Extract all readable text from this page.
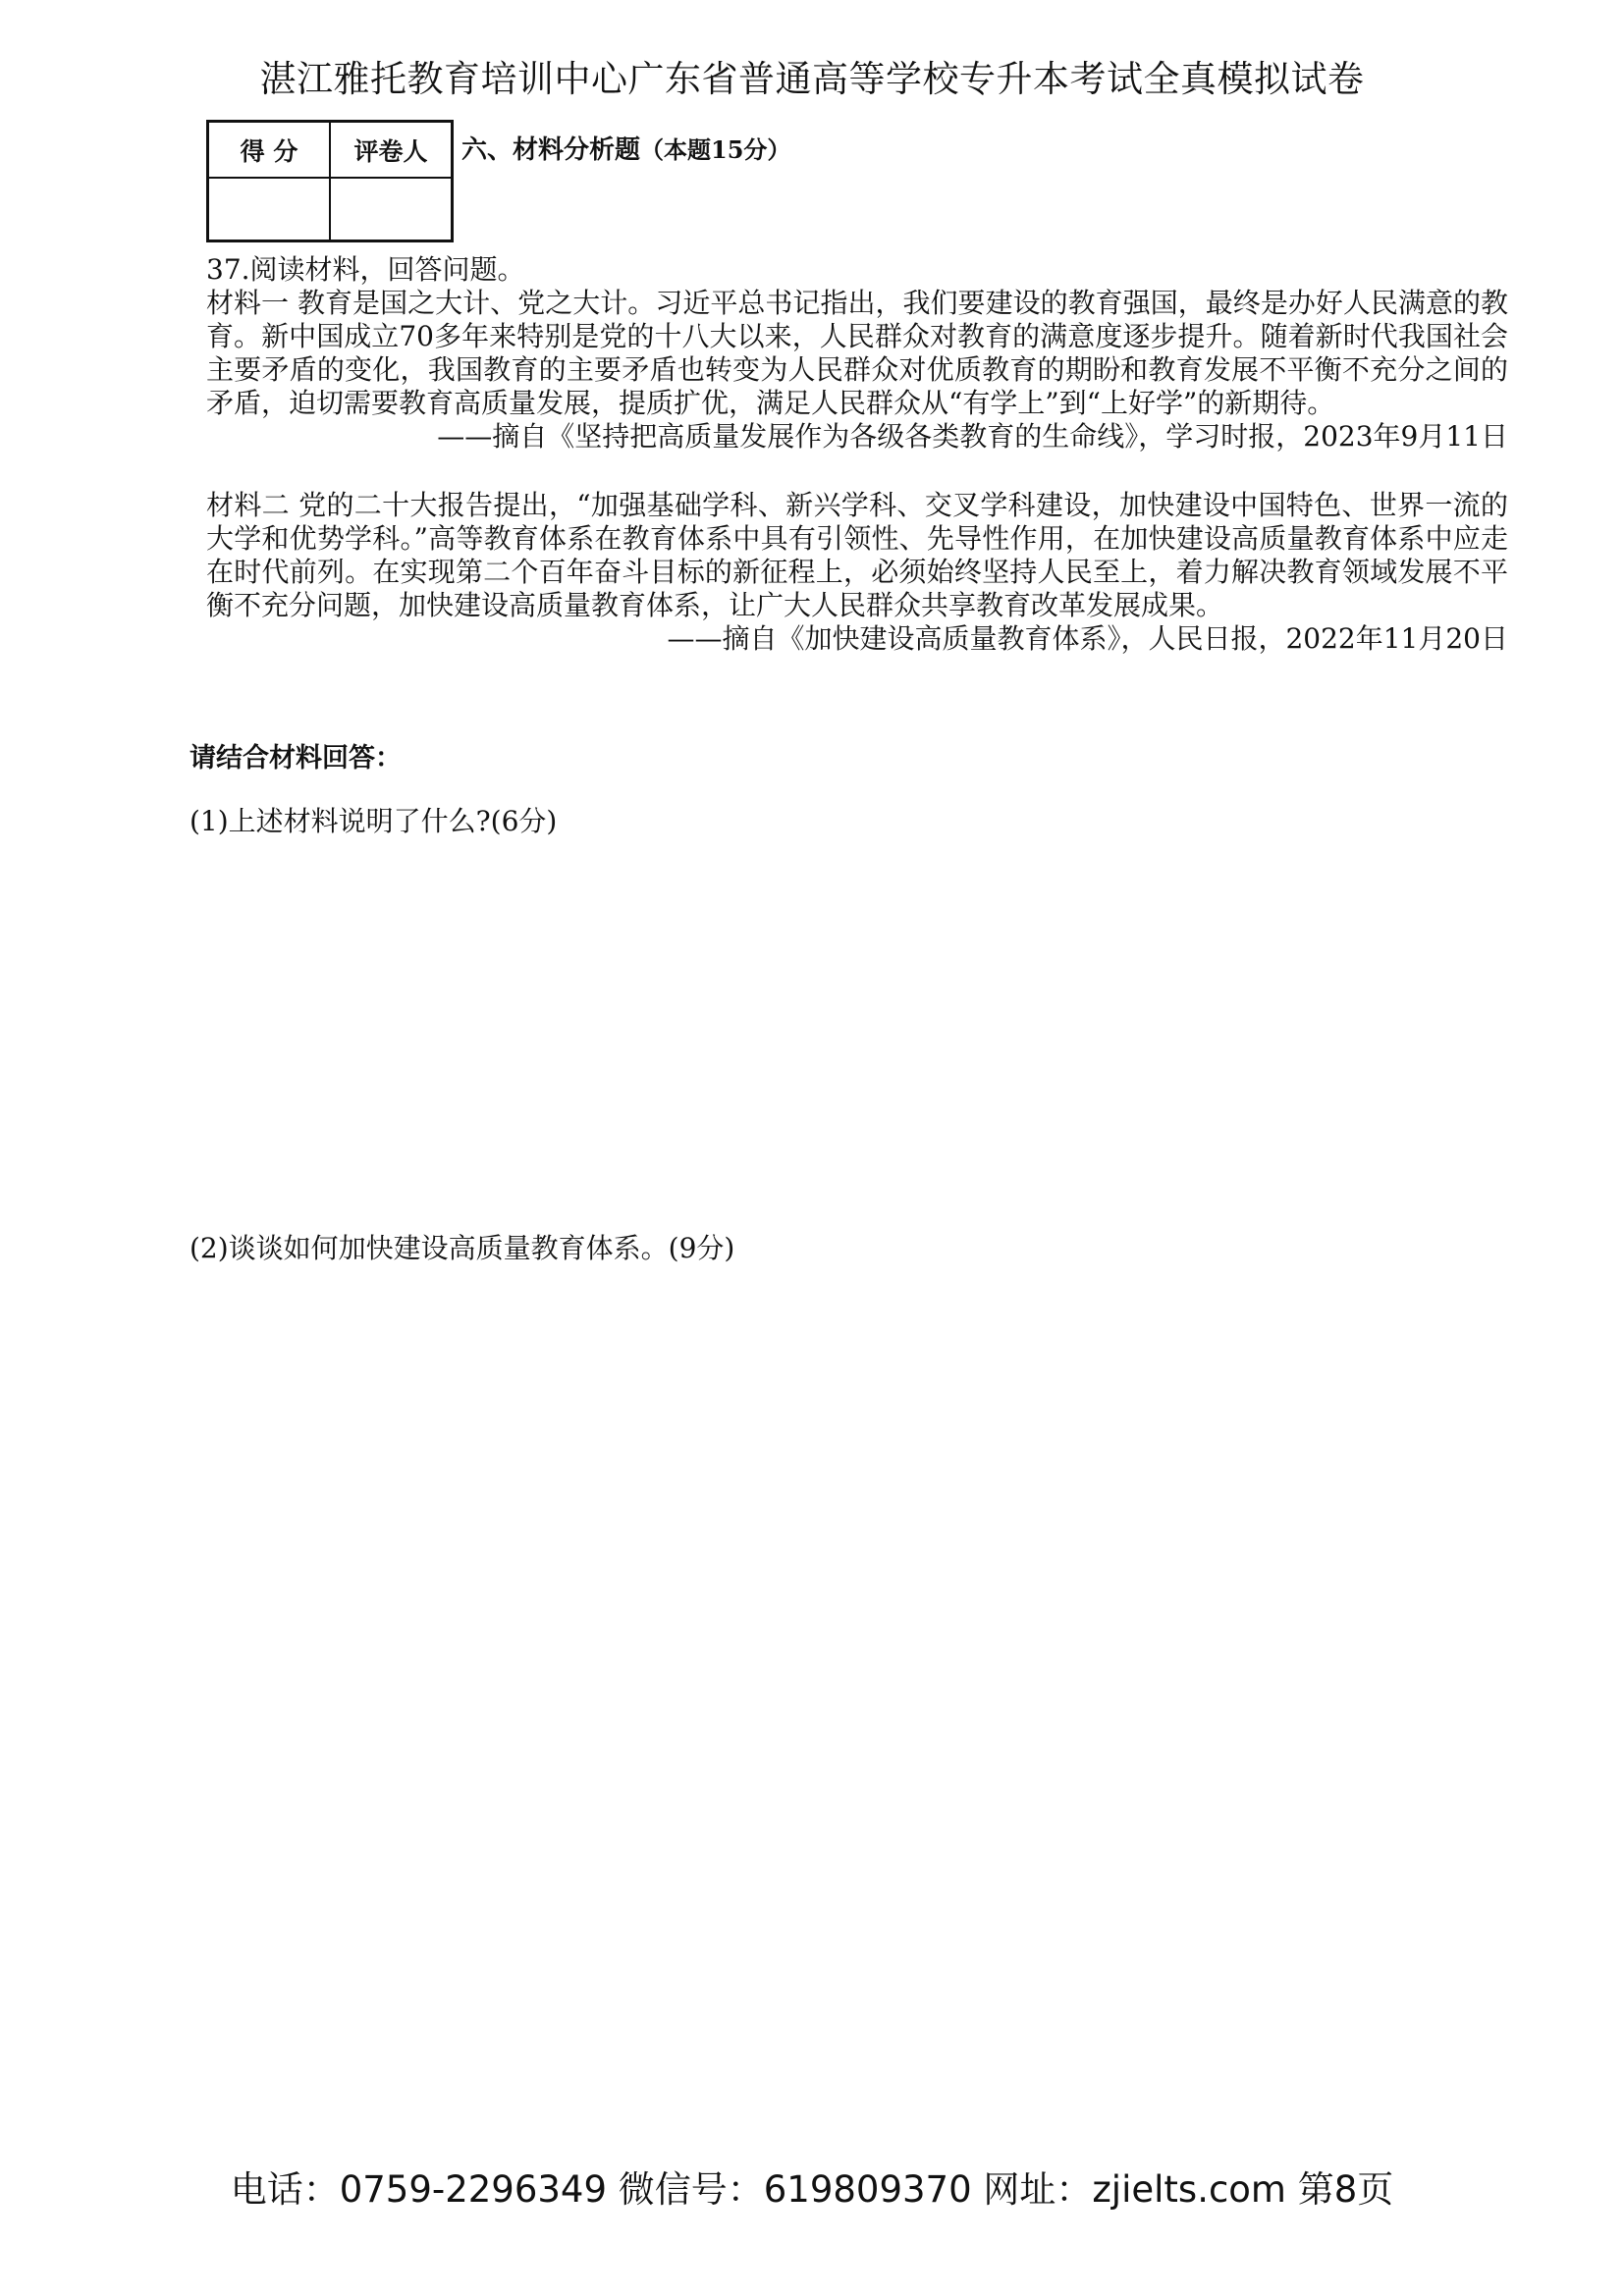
湛江雅托教育培训中心广东省普通高等学校专升本考试全真模拟试卷
得 分	评卷人
	六、材料分析题（本题15分）

37.阅读材料，回答问题。

材料一 教育是国之大计、党之大计。习近平总书记指出，我们要建设的教育强国，最终是办好人民满意的教育。新中国成立70多年来特别是党的十八大以来，人民群众对教育的满意度逐步提升。随着新时代我国社会主要矛盾的变化，我国教育的主要矛盾也转变为人民群众对优质教育的期盼和教育发展不平衡不充分之间的矛盾，迫切需要教育高质量发展，提质扩优，满足人民群众从“有学上”到“上好学”的新期待。

——摘自《坚持把高质量发展作为各级各类教育的生命线》，学习时报，2023年9月11日

材料二 党的二十大报告提出，“加强基础学科、新兴学科、交叉学科建设，加快建设中国特色、世界一流的大学和优势学科。”高等教育体系在教育体系中具有引领性、先导性作用，在加快建设高质量教育体系中应走在时代前列。在实现第二个百年奋斗目标的新征程上，必须始终坚持人民至上，着力解决教育领域发展不平衡不充分问题，加快建设高质量教育体系，让广大人民群众共享教育改革发展成果。

——摘自《加快建设高质量教育体系》，人民日报，2022年11月20日

请结合材料回答：
(1)上述材料说明了什么?(6分)
(2)谈谈如何加快建设高质量教育体系。(9分)
电话：0759-2296349 微信号：619809370 网址：zjielts.com 第8页
